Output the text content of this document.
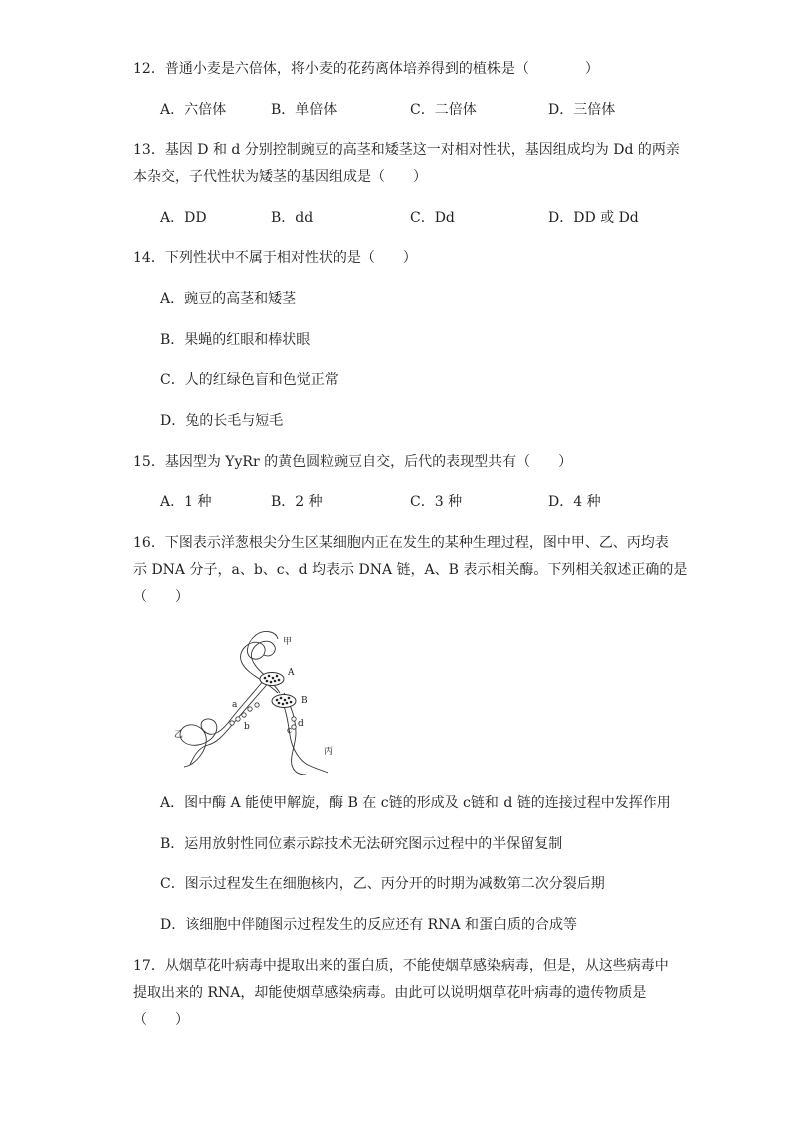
12．普通小麦是六倍体，将小麦的花药离体培养得到的植株是（　　　　）
A．六倍体	B．单倍体	C．二倍体	D．三倍体
13．基因 D 和 d 分别控制豌豆的高茎和矮茎这一对相对性状，基因组成均为 Dd 的两亲
本杂交，子代性状为矮茎的基因组成是（　　）
A．DD	B．dd	C．Dd	D．DD 或 Dd
14．下列性状中不属于相对性状的是（　　）
A．豌豆的高茎和矮茎
B．果蝇的红眼和棒状眼
C．人的红绿色盲和色觉正常
D．兔的长毛与短毛
15．基因型为 YyRr 的黄色圆粒豌豆自交，后代的表现型共有（　　）
A．1 种	B．2 种	C．3 种	D．4 种
16．下图表示洋葱根尖分生区某细胞内正在发生的某种生理过程，图中甲、乙、丙均表
示 DNA 分子，a、b、c、d 均表示 DNA 链，A、B 表示相关酶。下列相关叙述正确的是
（　　）
甲
A
B
a
b	c
d
乙
丙
A．图中酶 A 能使甲解旋，酶 B 在 c链的形成及 c链和 d 链的连接过程中发挥作用
B．运用放射性同位素示踪技术无法研究图示过程中的半保留复制
C．图示过程发生在细胞核内，乙、丙分开的时期为减数第二次分裂后期
D．该细胞中伴随图示过程发生的反应还有 RNA 和蛋白质的合成等
17．从烟草花叶病毒中提取出来的蛋白质，不能使烟草感染病毒，但是，从这些病毒中
提取出来的 RNA，却能使烟草感染病毒。由此可以说明烟草花叶病毒的遗传物质是
（　　）
